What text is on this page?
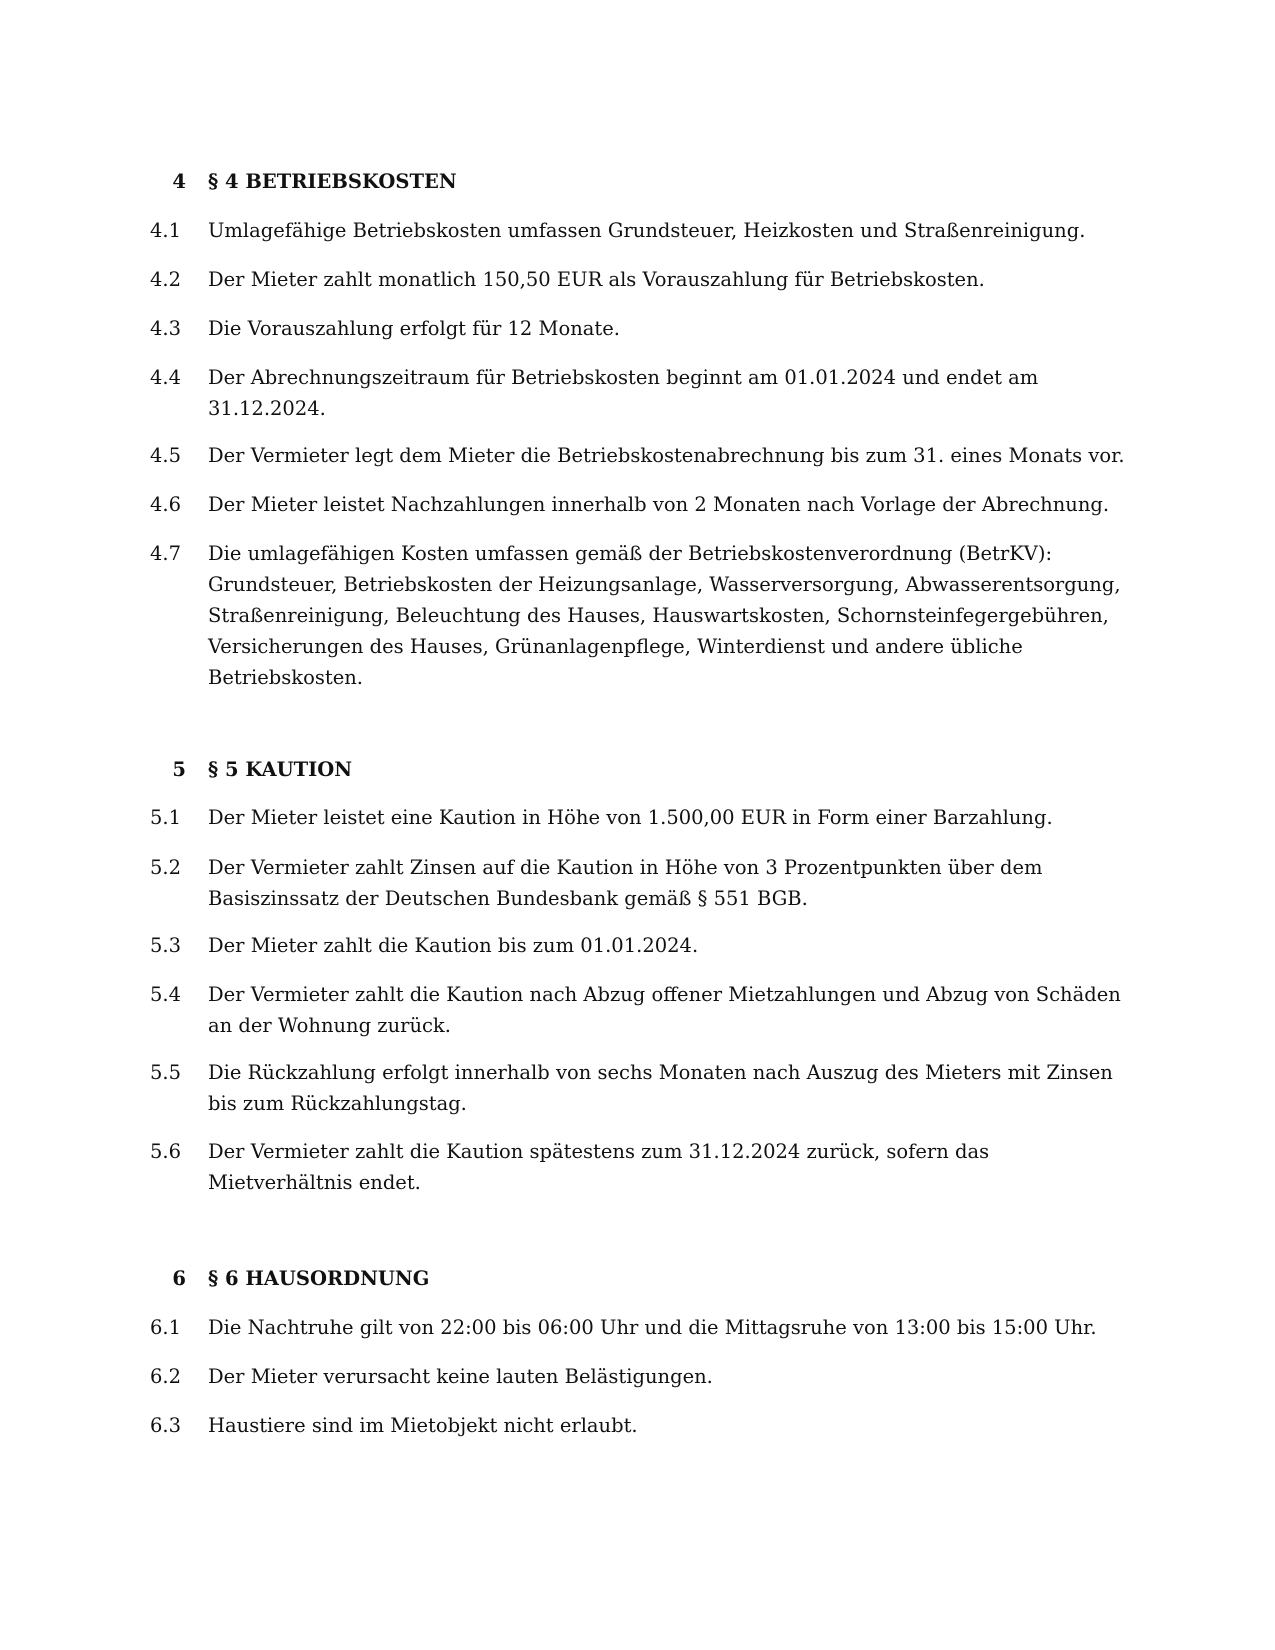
4 § 4 BETRIEBSKOSTEN
4.1	Umlagefähige Betriebskosten umfassen Grundsteuer, Heizkosten und Straßenreinigung.
4.2	Der Mieter zahlt monatlich 150,50 EUR als Vorauszahlung für Betriebskosten.
4.3	Die Vorauszahlung erfolgt für 12 Monate.
4.4	Der Abrechnungszeitraum für Betriebskosten beginnt am 01.01.2024 und endet am 31.12.2024.
4.5	Der Vermieter legt dem Mieter die Betriebskostenabrechnung bis zum 31. eines Monats vor.
4.6	Der Mieter leistet Nachzahlungen innerhalb von 2 Monaten nach Vorlage der Abrechnung.
4.7	Die umlagefähigen Kosten umfassen gemäß der Betriebskostenverordnung (BetrKV): Grundsteuer, Betriebskosten der Heizungsanlage, Wasserversorgung, Abwasserentsorgung, Straßenreinigung, Beleuchtung des Hauses, Hauswartskosten, Schornsteinfegergebühren, Versicherungen des Hauses, Grünanlagenpflege, Winterdienst und andere übliche Betriebskosten.
5 § 5 KAUTION
5.1	Der Mieter leistet eine Kaution in Höhe von 1.500,00 EUR in Form einer Barzahlung.
5.2	Der Vermieter zahlt Zinsen auf die Kaution in Höhe von 3 Prozentpunkten über dem Basiszinssatz der Deutschen Bundesbank gemäß § 551 BGB.
5.3	Der Mieter zahlt die Kaution bis zum 01.01.2024.
5.4	Der Vermieter zahlt die Kaution nach Abzug offener Mietzahlungen und Abzug von Schäden an der Wohnung zurück.
5.5	Die Rückzahlung erfolgt innerhalb von sechs Monaten nach Auszug des Mieters mit Zinsen bis zum Rückzahlungstag.
5.6	Der Vermieter zahlt die Kaution spätestens zum 31.12.2024 zurück, sofern das Mietverhältnis endet.
6 § 6 HAUSORDNUNG
6.1	Die Nachtruhe gilt von 22:00 bis 06:00 Uhr und die Mittagsruhe von 13:00 bis 15:00 Uhr.
6.2	Der Mieter verursacht keine lauten Belästigungen.
6.3	Haustiere sind im Mietobjekt nicht erlaubt.
